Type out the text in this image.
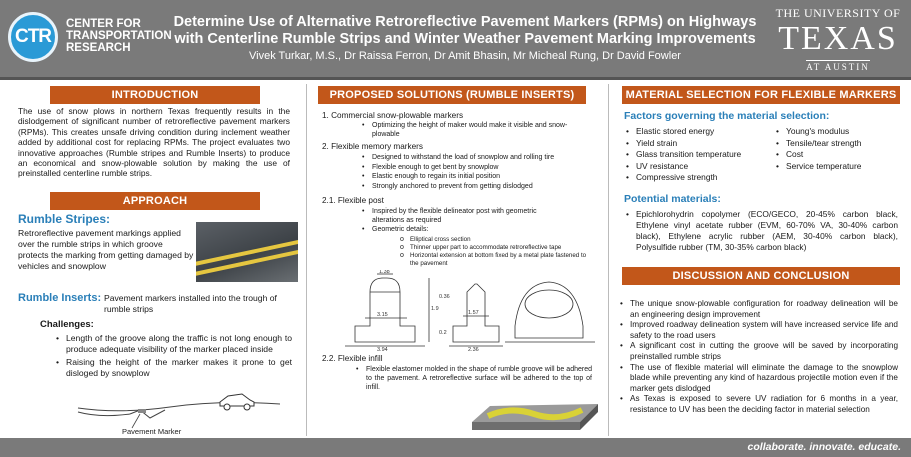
CTR
CENTER FOR
TRANSPORTATION
RESEARCH
Determine Use of Alternative Retroreflective Pavement Markers (RPMs) on Highways
with Centerline Rumble Strips and Winter Weather Pavement Marking Improvements
Vivek Turkar, M.S., Dr Raissa Ferron, Dr Amit Bhasin, Mr Micheal Rung, Dr David Fowler
THE UNIVERSITY OF
TEXAS
AT AUSTIN
INTRODUCTION
The use of snow plows in northern Texas frequently results in the dislodgement of significant number of retroreflective pavement markers (RPMs). This creates unsafe driving condition during inclement weather added by additional cost for replacing RPMs. The project evaluates two innovative approaches (Rumble stripes and Rumble Inserts) to produce an economical and snow-plowable solution by making the use of preinstalled centerline rumble strips.
APPROACH
Rumble Stripes:
Retroreflective pavement markings applied over the rumble strips in which groove protects the marking from getting damaged by vehicles and snowplow
Rumble Inserts: Pavement markers installed into the trough of rumble strips
Challenges:
• Length of the groove along the traffic is not long enough to produce adequate visibility of the marker placed inside
• Raising the height of the marker makes it prone to get disloged by snowplow
Pavement Marker
PROPOSED SOLUTIONS (RUMBLE INSERTS)
1. Commercial snow-plowable markers
• Optimizing the height of maker would make it visible and snow-plowable
2. Flexible memory markers
• Designed to withstand the load of snowplow and rolling tire
• Flexible enough to get bent by snowplow
• Elastic enough to regain its initial position
• Strongly anchored to prevent from getting dislodged
2.1. Flexible post
• Inspired by the flexible delineator post with geometric alterations as required
• Geometric details:
o Elliptical cross section
o Thinner upper part to accommodate retroreflective tape
o Horizontal extension at bottom fixed by a metal plate fastened to the pavement
1.38
3.15
3.94
1.57
2.36
1.9
0.2
0.36
2.2. Flexible infill
• Flexible elastomer molded in the shape of rumble groove will be adhered to the pavement. A retroreflective surface will be adhered to the top of infill.
MATERIAL SELECTION FOR FLEXIBLE MARKERS
Factors governing the material selection:
• Elastic stored energy
• Yield strain
• Glass transition temperature
• UV resistance
• Compressive strength
• Young's modulus
• Tensile/tear strength
• Cost
• Service temperature
Potential materials:
• Epichlorohydrin copolymer (ECO/GECO, 20-45% carbon black, Ethylene vinyl acetate rubber (EVM, 60-70% VA, 30-40% carbon black), Ethylene acrylic rubber (AEM, 30-40% carbon black), Polysulfide rubber (TM, 30-35% carbon black)
DISCUSSION AND CONCLUSION
• The unique snow-plowable configuration for roadway delineation will be an engineering design improvement
• Improved roadway delineation system will have increased service life and safety to the road users
• A significant cost in cutting the groove will be saved by incorporating preinstalled rumble strips
• The use of flexible material will eliminate the damage to the snowplow blade while preventing any kind of hazardous projectile motion even if the marker gets dislodged
• As Texas is exposed to severe UV radiation for 6 months in a year, resistance to UV has been the deciding factor in material selection
collaborate. innovate. educate.
